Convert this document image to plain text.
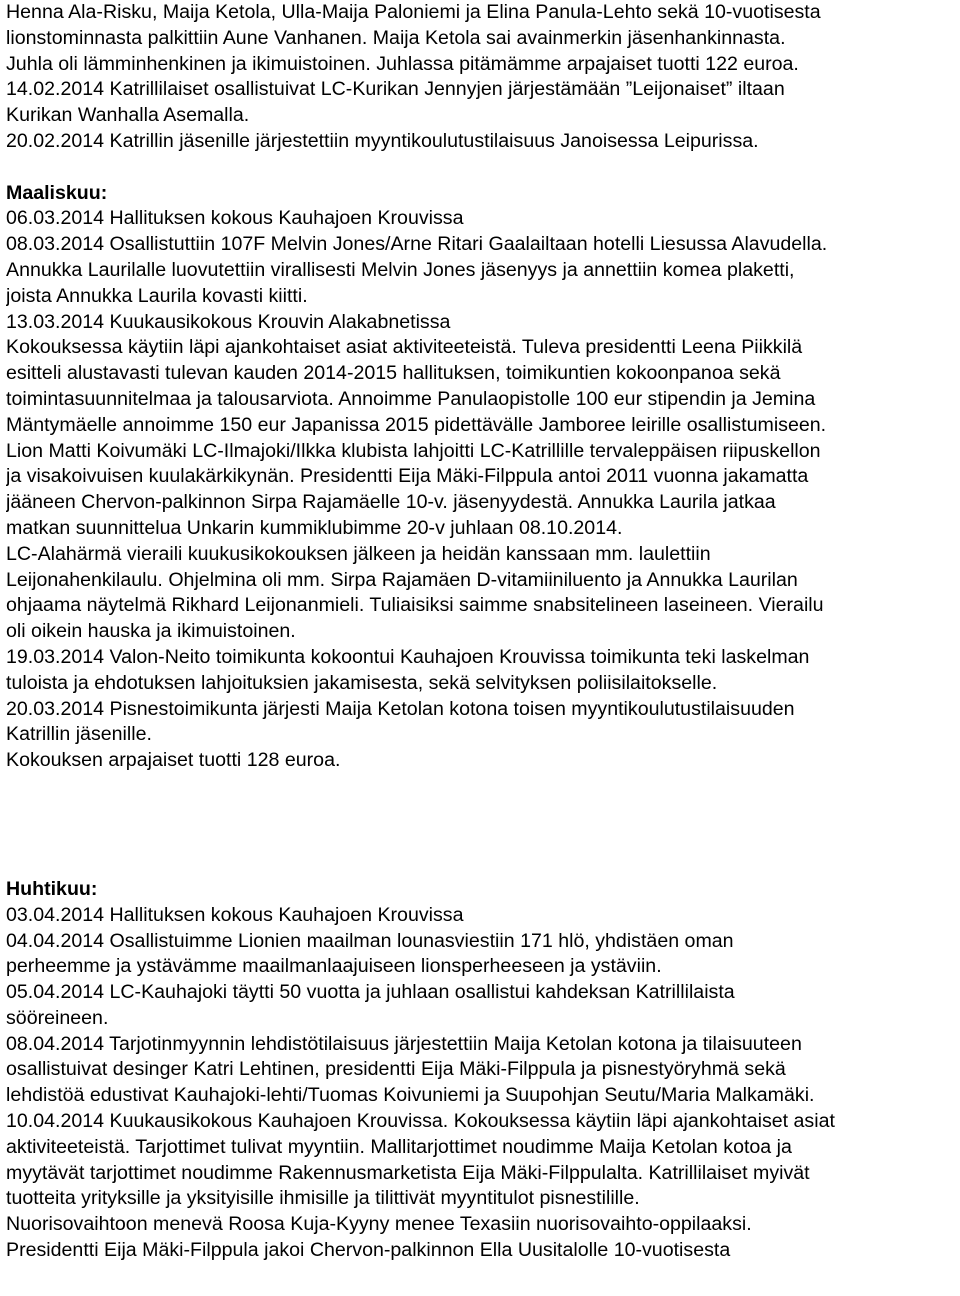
Henna Ala-Risku, Maija Ketola, Ulla-Maija Paloniemi ja Elina Panula-Lehto sekä 10-vuotisesta
lionstominnasta palkittiin Aune Vanhanen. Maija Ketola sai avainmerkin jäsenhankinnasta.
Juhla oli lämminhenkinen ja ikimuistoinen. Juhlassa pitämämme arpajaiset tuotti 122 euroa.
14.02.2014 Katrillilaiset osallistuivat LC-Kurikan Jennyjen järjestämään ”Leijonaiset” iltaan
Kurikan Wanhalla Asemalla.
20.02.2014 Katrillin jäsenille järjestettiin myyntikoulutustilaisuus Janoisessa Leipurissa.
Maaliskuu:
06.03.2014 Hallituksen kokous Kauhajoen Krouvissa
08.03.2014 Osallistuttiin 107F Melvin Jones/Arne Ritari Gaalailtaan hotelli Liesussa Alavudella.
Annukka Laurilalle luovutettiin virallisesti Melvin Jones jäsenyys ja annettiin komea plaketti,
joista Annukka Laurila kovasti kiitti.
13.03.2014 Kuukausikokous Krouvin Alakabnetissa
Kokouksessa käytiin läpi ajankohtaiset asiat aktiviteeteistä. Tuleva presidentti Leena Piikkilä
esitteli alustavasti tulevan kauden 2014-2015 hallituksen, toimikuntien kokoonpanoa sekä
toimintasuunnitelmaa ja talousarviota. Annoimme Panulaopistolle 100 eur stipendin ja Jemina
Mäntymäelle annoimme 150 eur Japanissa 2015 pidettävälle Jamboree leirille osallistumiseen.
Lion Matti Koivumäki LC-Ilmajoki/Ilkka klubista lahjoitti LC-Katrillille tervaleppäisen riipuskellon
ja visakoivuisen kuulakärkikynän. Presidentti Eija Mäki-Filppula antoi 2011 vuonna jakamatta
jääneen Chervon-palkinnon Sirpa Rajamäelle 10-v. jäsenyydestä. Annukka Laurila jatkaa
matkan suunnittelua Unkarin kummiklubimme 20-v juhlaan 08.10.2014.
LC-Alahärmä vieraili kuukusikokouksen jälkeen ja heidän kanssaan mm. laulettiin
Leijonahenkilaulu. Ohjelmina oli mm. Sirpa Rajamäen D-vitamiiniluento ja Annukka Laurilan
ohjaama näytelmä Rikhard Leijonanmieli. Tuliaisiksi saimme snabsitelineen laseineen. Vierailu
oli oikein hauska ja ikimuistoinen.
19.03.2014 Valon-Neito toimikunta kokoontui Kauhajoen Krouvissa toimikunta teki laskelman
tuloista ja ehdotuksen lahjoituksien jakamisesta, sekä selvityksen poliisilaitokselle.
20.03.2014 Pisnestoimikunta järjesti Maija Ketolan kotona toisen myyntikoulutustilaisuuden
Katrillin jäsenille.
Kokouksen arpajaiset tuotti 128 euroa.
Huhtikuu:
03.04.2014 Hallituksen kokous Kauhajoen Krouvissa
04.04.2014 Osallistuimme Lionien maailman lounasviestiin 171 hlö, yhdistäen oman
perheemme ja ystävämme maailmanlaajuiseen lionsperheeseen ja ystäviin.
05.04.2014 LC-Kauhajoki täytti 50 vuotta ja juhlaan osallistui kahdeksan Katrillilaista
sööreineen.
08.04.2014 Tarjotinmyynnin lehdistötilaisuus järjestettiin Maija Ketolan kotona ja tilaisuuteen
osallistuivat desinger Katri Lehtinen, presidentti Eija Mäki-Filppula ja pisnestyöryhmä sekä
lehdistöä edustivat Kauhajoki-lehti/Tuomas Koivuniemi ja Suupohjan Seutu/Maria Malkamäki.
10.04.2014 Kuukausikokous Kauhajoen Krouvissa. Kokouksessa käytiin läpi ajankohtaiset asiat
aktiviteeteistä. Tarjottimet tulivat myyntiin. Mallitarjottimet noudimme Maija Ketolan kotoa ja
myytävät tarjottimet noudimme Rakennusmarketista Eija Mäki-Filppulalta. Katrillilaiset myivät
tuotteita yrityksille ja yksityisille ihmisille ja tilittivät myyntitulot pisnestilille.
Nuorisovaihtoon menevä Roosa Kuja-Kyyny menee Texasiin nuorisovaihto-oppilaaksi.
Presidentti Eija Mäki-Filppula jakoi Chervon-palkinnon Ella Uusitalolle 10-vuotisesta
